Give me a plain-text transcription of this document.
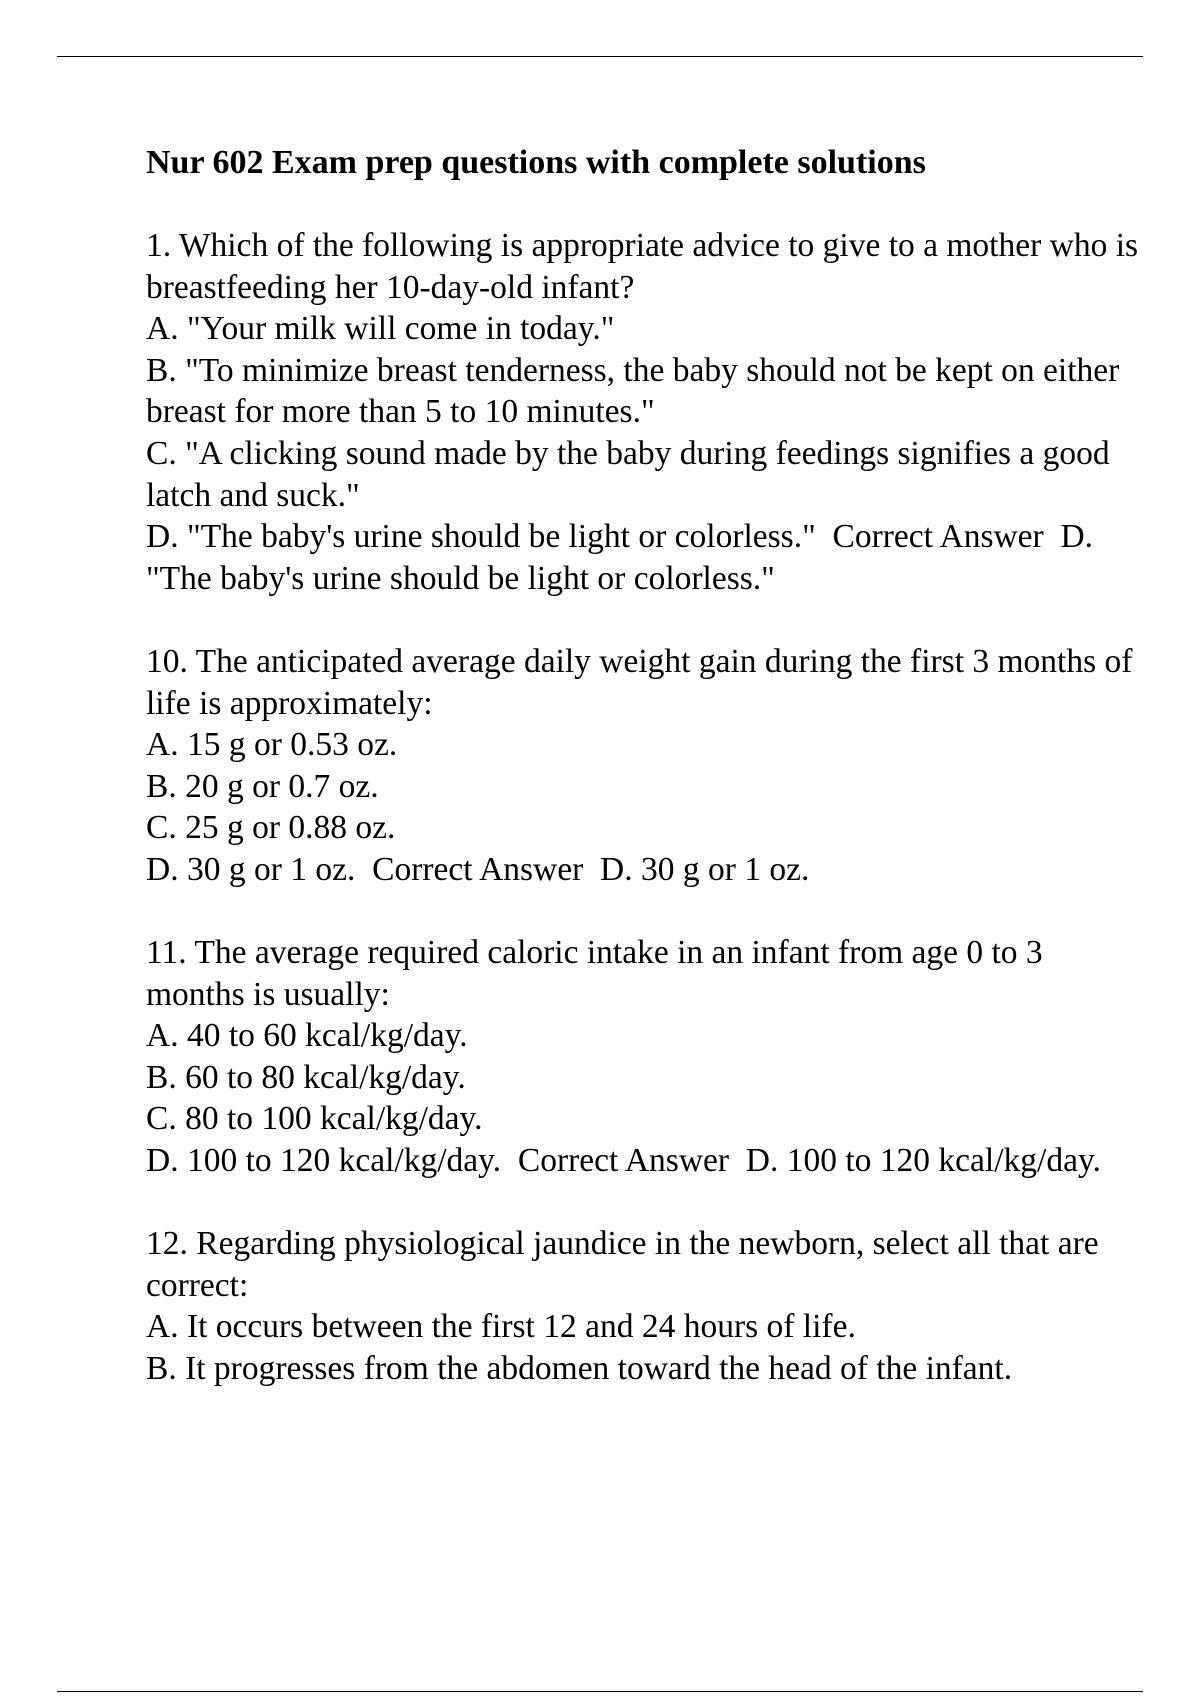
Nur 602 Exam prep questions with complete solutions

1. Which of the following is appropriate advice to give to a mother who is breastfeeding her 10-day-old infant?

A. "Your milk will come in today."

B. "To minimize breast tenderness, the baby should not be kept on either breast for more than 5 to 10 minutes."

C. "A clicking sound made by the baby during feedings signifies a good latch and suck."

D. "The baby's urine should be light or colorless." Correct Answer D. "The baby's urine should be light or colorless."

10. The anticipated average daily weight gain during the first 3 months of life is approximately:

A. 15 g or 0.53 oz.

B. 20 g or 0.7 oz.

C. 25 g or 0.88 oz.

D. 30 g or 1 oz. Correct Answer D. 30 g or 1 oz.

11. The average required caloric intake in an infant from age 0 to 3 months is usually:

A. 40 to 60 kcal/kg/day.

B. 60 to 80 kcal/kg/day.

C. 80 to 100 kcal/kg/day.

D. 100 to 120 kcal/kg/day. Correct Answer D. 100 to 120 kcal/kg/day.

12. Regarding physiological jaundice in the newborn, select all that are correct:

A. It occurs between the first 12 and 24 hours of life.

B. It progresses from the abdomen toward the head of the infant.
